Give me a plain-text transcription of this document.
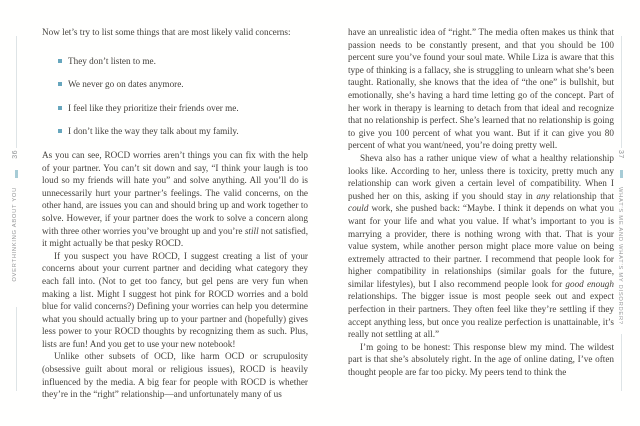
36
OVERTHINKING ABOUT YOU
37
WHAT’S ME AND WHAT’S MY DISORDER?

Now let’s try to list some things that are most likely valid concerns:

They don’t listen to me.
We never go on dates anymore.
I feel like they prioritize their friends over me.
I don’t like the way they talk about my family.

As you can see, ROCD worries aren’t things you can fix with the help of your partner. You can’t sit down and say, “I think your laugh is too loud so my friends will hate you” and solve anything. All you’ll do is unnecessarily hurt your partner’s feelings. The valid concerns, on the other hand, are issues you can and should bring up and work together to solve. However, if your partner does the work to solve a concern along with three other worries you’ve brought up and you’re still not satisfied, it might actually be that pesky ROCD.

If you suspect you have ROCD, I suggest creating a list of your concerns about your current partner and deciding what category they each fall into. (Not to get too fancy, but gel pens are very fun when making a list. Might I suggest hot pink for ROCD worries and a bold blue for valid concerns?) Defining your worries can help you determine what you should actually bring up to your partner and (hopefully) gives less power to your ROCD thoughts by recognizing them as such. Plus, lists are fun! And you get to use your new notebook!

Unlike other subsets of OCD, like harm OCD or scrupulosity (obsessive guilt about moral or religious issues), ROCD is heavily influenced by the media. A big fear for people with ROCD is whether they’re in the “right” relationship—and unfortunately many of us

have an unrealistic idea of “right.” The media often makes us think that passion needs to be constantly present, and that you should be 100 percent sure you’ve found your soul mate. While Liza is aware that this type of thinking is a fallacy, she is struggling to unlearn what she’s been taught. Rationally, she knows that the idea of “the one” is bullshit, but emotionally, she’s having a hard time letting go of the concept. Part of her work in therapy is learning to detach from that ideal and recognize that no relationship is perfect. She’s learned that no relationship is going to give you 100 percent of what you want. But if it can give you 80 percent of what you want/need, you’re doing pretty well.

Sheva also has a rather unique view of what a healthy relationship looks like. According to her, unless there is toxicity, pretty much any relationship can work given a certain level of compatibility. When I pushed her on this, asking if you should stay in any relationship that could work, she pushed back: “Maybe. I think it depends on what you want for your life and what you value. If what’s important to you is marrying a provider, there is nothing wrong with that. That is your value system, while another person might place more value on being extremely attracted to their partner. I recommend that people look for higher compatibility in relationships (similar goals for the future, similar lifestyles), but I also recommend people look for good enough relationships. The bigger issue is most people seek out and expect perfection in their partners. They often feel like they’re settling if they accept anything less, but once you realize perfection is unattainable, it’s really not settling at all.”

I’m going to be honest: This response blew my mind. The wildest part is that she’s absolutely right. In the age of online dating, I’ve often thought people are far too picky. My peers tend to think the
